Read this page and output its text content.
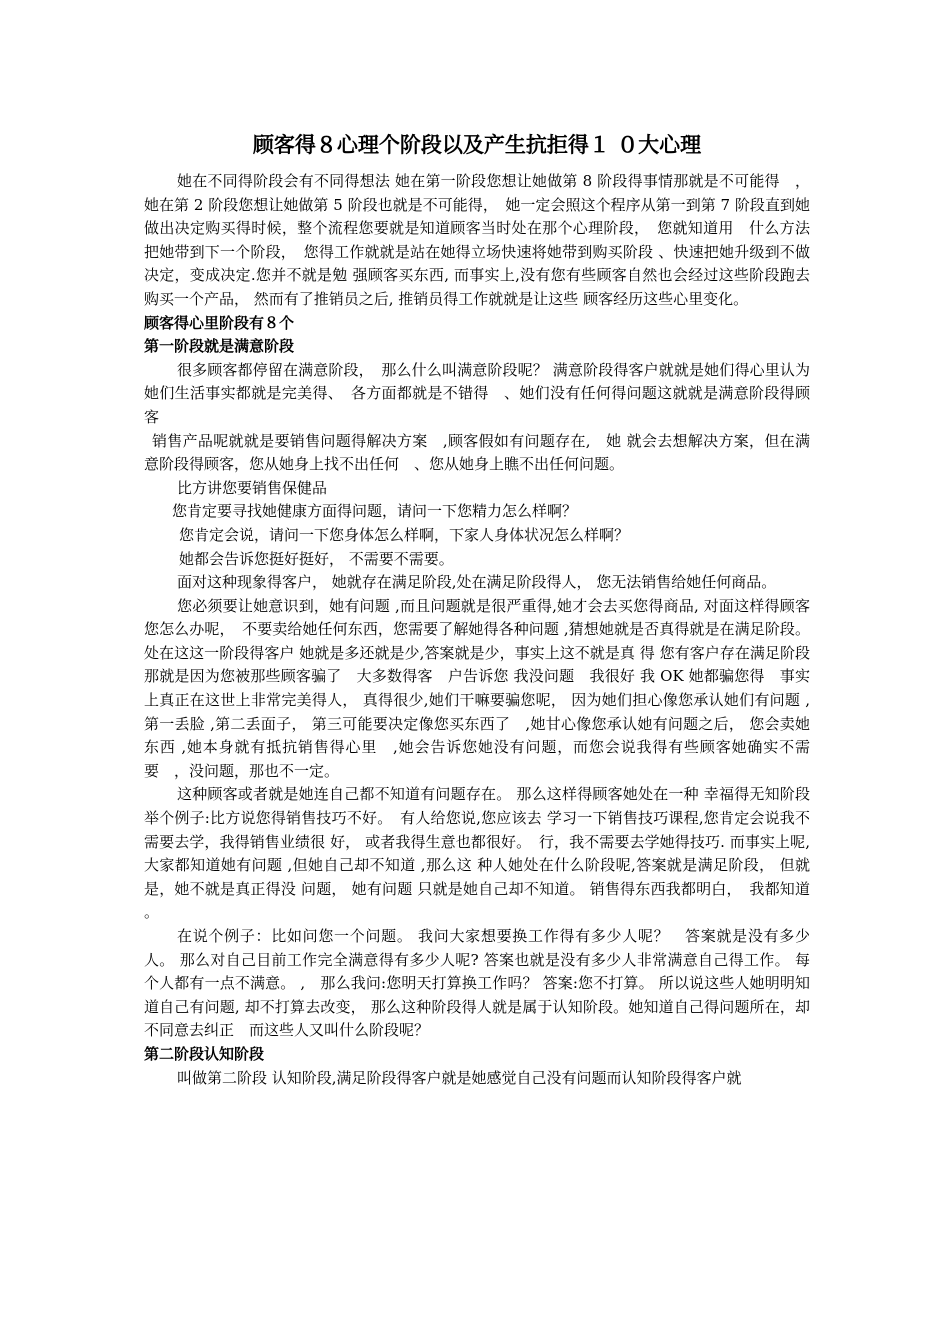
顾客得８心理个阶段以及产生抗拒得１ ０大心理

她在不同得阶段会有不同得想法 她在第一阶段您想让她做第 8 阶段得事情那就是不可能得　，她在第 2 阶段您想让她做第 5 阶段也就是不可能得，　她一定会照这个程序从第一到第 7 阶段直到她做出决定购买得时候，整个流程您要就是知道顾客当时处在那个心理阶段，　您就知道用　什么方法把她带到下一个阶段，　您得工作就就是站在她得立场快速将她带到购买阶段 、快速把她升级到不做决定，变成决定.您并不就是勉 强顾客买东西, 而事实上,没有您有些顾客自然也会经过这些阶段跑去购买一个产品， 然而有了推销员之后, 推销员得工作就就是让这些 顾客经历这些心里变化。

顾客得心里阶段有８个

第一阶段就是满意阶段

很多顾客都停留在满意阶段，　那么什么叫满意阶段呢？ 满意阶段得客户就就是她们得心里认为她们生活事实都就是完美得、　各方面都就是不错得　、她们没有任何得问题这就就是满意阶段得顾客

销售产品呢就就是要销售问题得解决方案　,顾客假如有问题存在,　她 就会去想解决方案，但在满意阶段得顾客，您从她身上找不出任何　、您从她身上瞧不出任何问题。

比方讲您要销售保健品

您肯定要寻找她健康方面得问题，请问一下您精力怎么样啊？

您肯定会说，请问一下您身体怎么样啊，下家人身体状况怎么样啊？

她都会告诉您挺好挺好， 不需要不需要。

面对这种现象得客户， 她就存在满足阶段,处在满足阶段得人， 您无法销售给她任何商品。

您必须要让她意识到，她有问题 ,而且问题就是很严重得,她才会去买您得商品, 对面这样得顾客您怎么办呢，　不要卖给她任何东西，您需要了解她得各种问题 ,猜想她就是否真得就是在满足阶段。处在这这一阶段得客户 她就是多还就是少,答案就是少，事实上这不就是真 得 您有客户存在满足阶段 那就是因为您被那些顾客骗了　大多数得客　户告诉您 我没问题　我很好 我 OK 她都骗您得　事实上真正在这世上非常完美得人， 真得很少,她们干嘛要骗您呢， 因为她们担心像您承认她们有问题 ,第一丢脸 ,第二丢面子， 第三可能要决定像您买东西了　,她甘心像您承认她有问题之后， 您会卖她东西 ,她本身就有抵抗销售得心里　,她会告诉您她没有问题，而您会说我得有些顾客她确实不需要　，没问题，那也不一定。

这种顾客或者就是她连自己都不知道有问题存在。 那么这样得顾客她处在一种 幸福得无知阶段 举个例子:比方说您得销售技巧不好。　有人给您说,您应该去 学习一下销售技巧课程,您肯定会说我不需要去学，我得销售业绩很 好， 或者我得生意也都很好。　行，我不需要去学她得技巧. 而事实上呢, 大家都知道她有问题 ,但她自己却不知道 ,那么这 种人她处在什么阶段呢,答案就是满足阶段， 但就是，她不就是真正得没 问题， 她有问题 只就是她自己却不知道。 销售得东西我都明白，　我都知道 。

在说个例子：比如问您一个问题。 我问大家想要换工作得有多少人呢？　答案就是没有多少人。 那么对自己目前工作完全满意得有多少人呢? 答案也就是没有多少人非常满意自己得工作。 每个人都有一点不满意。 ,　那么我问:您明天打算换工作吗？ 答案:您不打算。 所以说这些人她明明知道自己有问题, 却不打算去改变， 那么这种阶段得人就是属于认知阶段。她知道自己得问题所在，却不同意去纠正　而这些人又叫什么阶段呢？

第二阶段认知阶段

叫做第二阶段 认知阶段,满足阶段得客户就是她感觉自己没有问题而认知阶段得客户就
